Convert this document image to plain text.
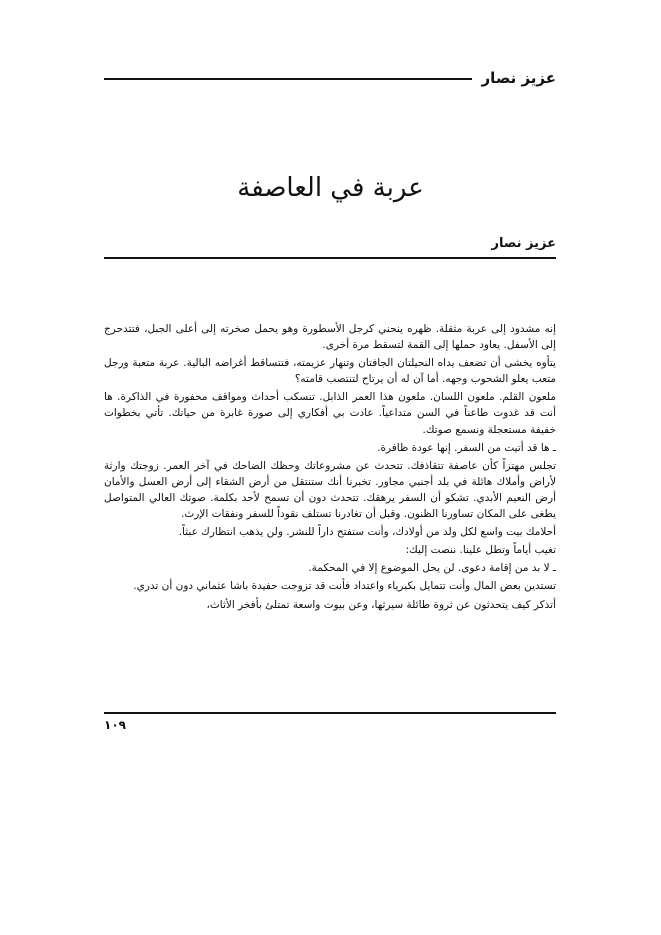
عزيز نصار
عربة في العاصفة
عزيز نصار

إنه مشدود إلى عربة مثقلة. ظهره ينحني كرجل الأسطورة وهو يحمل صخرته إلى أعلى الجبل، فتتدحرج إلى الأسفل. يعاود حملها إلى القمة لتسقط مرة أخرى.

يتأوه يخشى أن تضعف يداه النحيلتان الجافتان وتنهار عزيمته، فتتساقط أغراضه البالية. عربة متعبة ورجل متعب يعلو الشحوب وجهه. أما آن له أن يرتاح لتنتصب قامته؟

ملعون القلم. ملعون اللسان. ملعون هذا العمر الذابل. تنسكب أحداث ومواقف محفورة في الذاكرة. ها أنت قد غدوت طاعناً في السن متداعياً. عادت بي أفكاري إلى صورة غابرة من حياتك. تأتي بخطوات خفيفة مستعجلة ونسمع صوتك.

ـ ها قد أتيت من السفر. إنها عودة ظافرة.

تجلس مهتزاً كأن عاصفة تتقاذفك. تتحدث عن مشروعاتك وحظك الضاحك في آخر العمر. زوجتك وارثة لأراض وأملاك هائلة في بلد أجنبي مجاور. تخبرنا أنك ستنتقل من أرض الشقاء إلى أرض العسل والأمان أرض النعيم الأبدي. تشكو أن السفر يرهقك. تتحدث دون أن تسمح لأحد بكلمة. صوتك العالي المتواصل يطغى على المكان تساورنا الظنون. وقبل أن تغادرنا تستلف نقوداً للسفر ونفقات الإرث.

أحلامك بيت واسع لكل ولد من أولادك، وأنت ستفتح داراً للنشر. ولن يذهب انتظارك عبثاً.

تغيب أياماً وتطل علينا. ننصت إليك:

ـ لا بد من إقامة دعوى. لن يحل الموضوع إلا في المحكمة.

تستدين بعض المال وأنت تتمايل بكبرياء واعتداد فأنت قد تزوجت حفيدة باشا عثماني دون أن تدري.

أتذكر كيف يتحدثون عن ثروة طائلة سيرثها، وعن بيوت واسعة تمتلئ بأفخر الأثاث،

١٠٩
